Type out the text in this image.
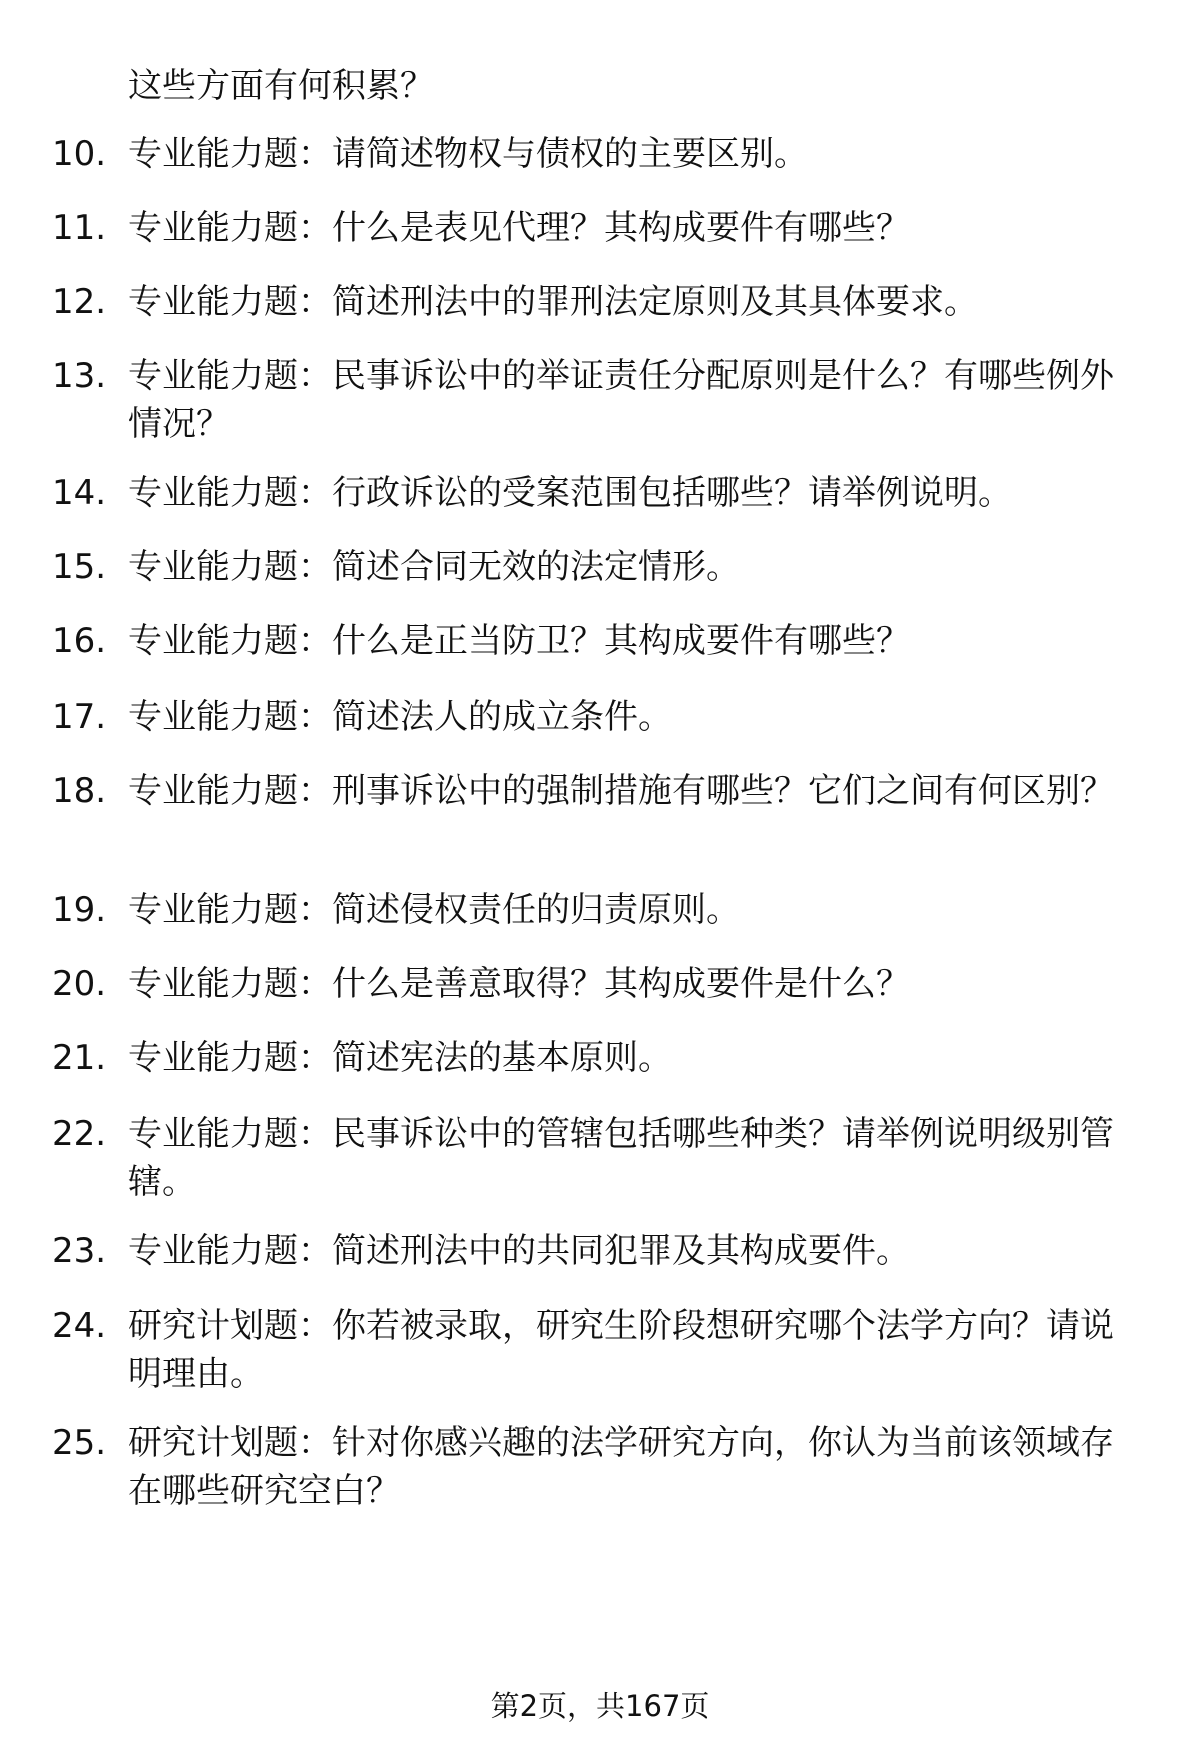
这些方面有何积累？
10. 专业能力题：请简述物权与债权的主要区别。
11. 专业能力题：什么是表见代理？其构成要件有哪些？
12. 专业能力题：简述刑法中的罪刑法定原则及其具体要求。
13. 专业能力题：民事诉讼中的举证责任分配原则是什么？有哪些例外情况？
14. 专业能力题：行政诉讼的受案范围包括哪些？请举例说明。
15. 专业能力题：简述合同无效的法定情形。
16. 专业能力题：什么是正当防卫？其构成要件有哪些？
17. 专业能力题：简述法人的成立条件。
18. 专业能力题：刑事诉讼中的强制措施有哪些？它们之间有何区别？
19. 专业能力题：简述侵权责任的归责原则。
20. 专业能力题：什么是善意取得？其构成要件是什么？
21. 专业能力题：简述宪法的基本原则。
22. 专业能力题：民事诉讼中的管辖包括哪些种类？请举例说明级别管辖。
23. 专业能力题：简述刑法中的共同犯罪及其构成要件。
24. 研究计划题：你若被录取，研究生阶段想研究哪个法学方向？请说明理由。
25. 研究计划题：针对你感兴趣的法学研究方向，你认为当前该领域存在哪些研究空白？
第2页，共167页
